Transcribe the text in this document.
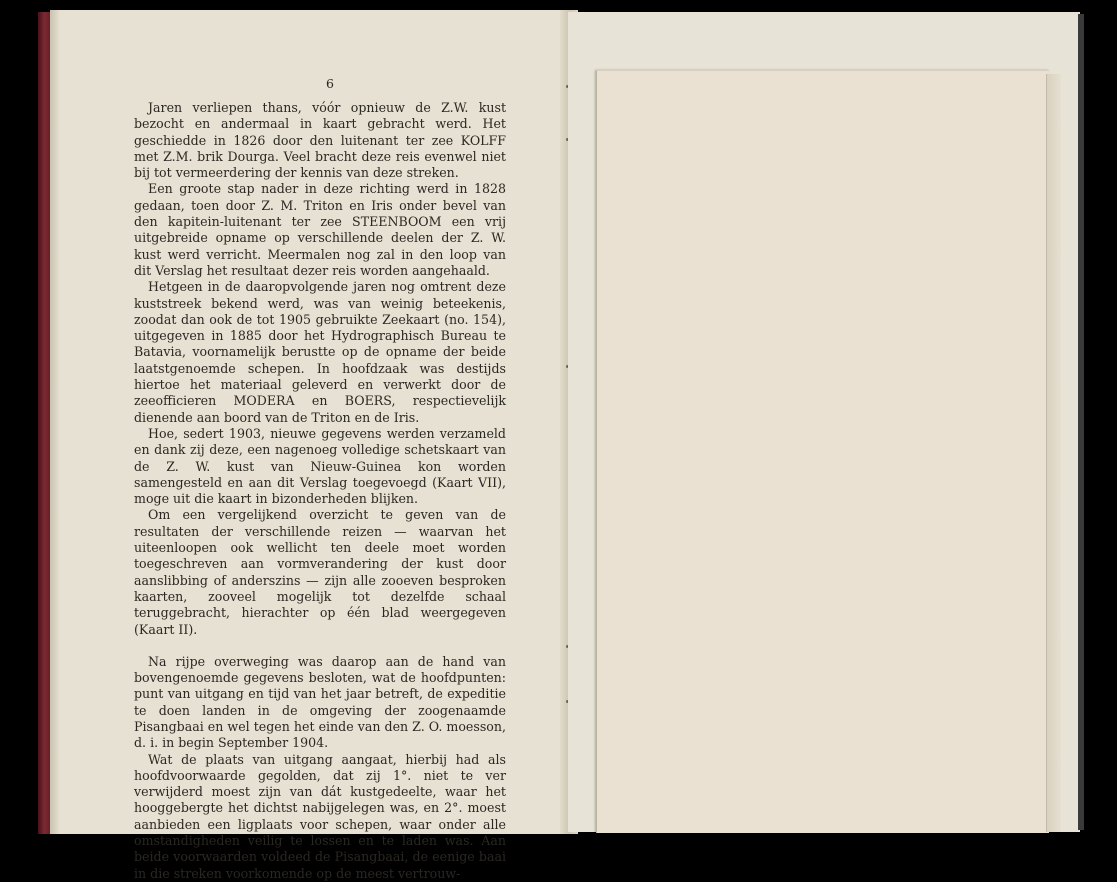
6

Jaren verliepen thans, vóór opnieuw de Z.W. kust bezocht en andermaal in kaart gebracht werd. Het geschiedde in 1826 door den luitenant ter zee KOLFF met Z.M. brik Dourga. Veel bracht deze reis evenwel niet bij tot vermeerdering der kennis van deze streken.

Een groote stap nader in deze richting werd in 1828 gedaan, toen door Z. M. Triton en Iris onder bevel van den kapitein-luitenant ter zee STEENBOOM een vrij uitgebreide opname op verschillende deelen der Z. W. kust werd verricht. Meermalen nog zal in den loop van dit Verslag het resultaat dezer reis worden aangehaald.

Hetgeen in de daaropvolgende jaren nog omtrent deze kuststreek bekend werd, was van weinig beteekenis, zoodat dan ook de tot 1905 gebruikte Zeekaart (no. 154), uitgegeven in 1885 door het Hydrographisch Bureau te Batavia, voornamelijk berustte op de opname der beide laatstgenoemde schepen. In hoofdzaak was destijds hiertoe het materiaal geleverd en verwerkt door de zeeofficieren MODERA en BOERS, respectievelijk dienende aan boord van de Triton en de Iris.

Hoe, sedert 1903, nieuwe gegevens werden verzameld en dank zij deze, een nagenoeg volledige schetskaart van de Z. W. kust van Nieuw-Guinea kon worden samengesteld en aan dit Verslag toegevoegd (Kaart VII), moge uit die kaart in bizonderheden blijken.

Om een vergelijkend overzicht te geven van de resultaten der verschillende reizen — waarvan het uiteenloopen ook wellicht ten deele moet worden toegeschreven aan vormverandering der kust door aanslibbing of anderszins — zijn alle zooeven besproken kaarten, zooveel mogelijk tot dezelfde schaal teruggebracht, hierachter op één blad weergegeven (Kaart II).

Na rijpe overweging was daarop aan de hand van bovengenoemde gegevens besloten, wat de hoofdpunten: punt van uitgang en tijd van het jaar betreft, de expeditie te doen landen in de omgeving der zoogenaamde Pisangbaai en wel tegen het einde van den Z. O. moesson, d. i. in begin September 1904.

Wat de plaats van uitgang aangaat, hierbij had als hoofdvoorwaarde gegolden, dat zij 1°. niet te ver verwijderd moest zijn van dát kustgedeelte, waar het hooggebergte het dichtst nabijgelegen was, en 2°. moest aanbieden een ligplaats voor schepen, waar onder alle omstandigheden veilig te lossen en te laden was. Aan beide voorwaarden voldeed de Pisangbaai, de eenige baai in die streken voorkomende op de meest vertrouw-
